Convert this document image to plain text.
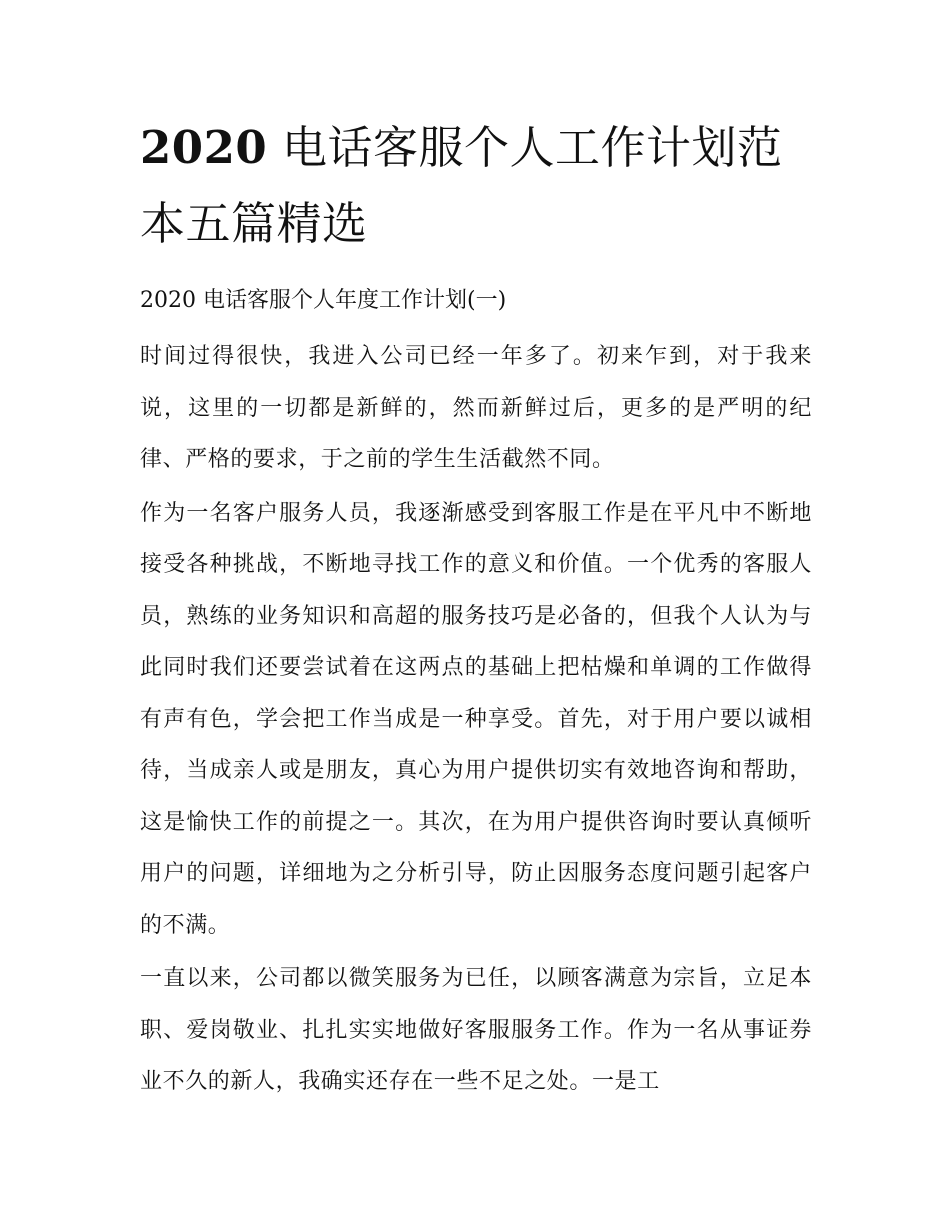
2020 电话客服个人工作计划范本五篇精选

2020 电话客服个人年度工作计划(一)

时间过得很快，我进入公司已经一年多了。初来乍到，对于我来说，这里的一切都是新鲜的，然而新鲜过后，更多的是严明的纪律、严格的要求，于之前的学生生活截然不同。

作为一名客户服务人员，我逐渐感受到客服工作是在平凡中不断地接受各种挑战，不断地寻找工作的意义和价值。一个优秀的客服人员，熟练的业务知识和高超的服务技巧是必备的，但我个人认为与此同时我们还要尝试着在这两点的基础上把枯燥和单调的工作做得有声有色，学会把工作当成是一种享受。首先，对于用户要以诚相待，当成亲人或是朋友，真心为用户提供切实有效地咨询和帮助，这是愉快工作的前提之一。其次，在为用户提供咨询时要认真倾听用户的问题，详细地为之分析引导，防止因服务态度问题引起客户的不满。

一直以来，公司都以微笑服务为已任，以顾客满意为宗旨，立足本职、爱岗敬业、扎扎实实地做好客服服务工作。作为一名从事证券业不久的新人，我确实还存在一些不足之处。一是工
